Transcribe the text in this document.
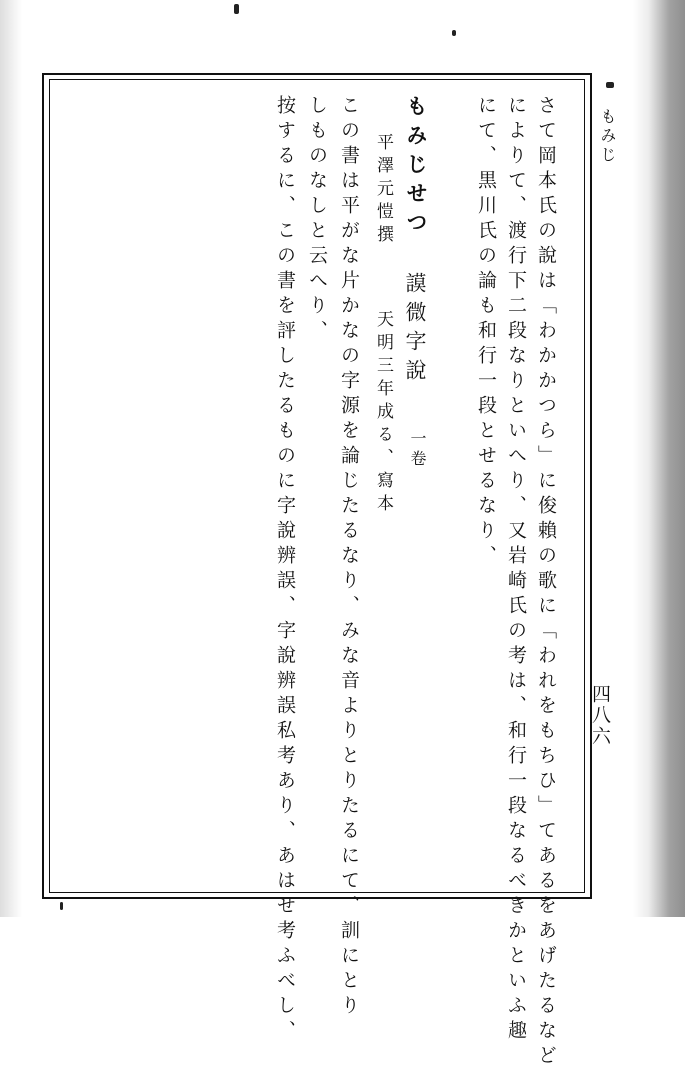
もみじ
四八六
さて岡本氏の說は「わかかつら」に俊賴の歌に「われをもちひ」てあるをあげたるなど
によりて、渡行下二段なりといへり、又岩崎氏の考は、和行一段なるべきかといふ趣
にて、黒川氏の論も和行一段とせるなり、
もみじせつ
謨微字說
一卷
平澤元愷撰
天明三年成る、寫本
この書は平がな片かなの字源を論じたるなり、みな音よりとりたるにて、訓にとり
しものなしと云へり、
按するに、この書を評したるものに字說辨誤、字說辨誤私考あり、あはせ考ふべし、
